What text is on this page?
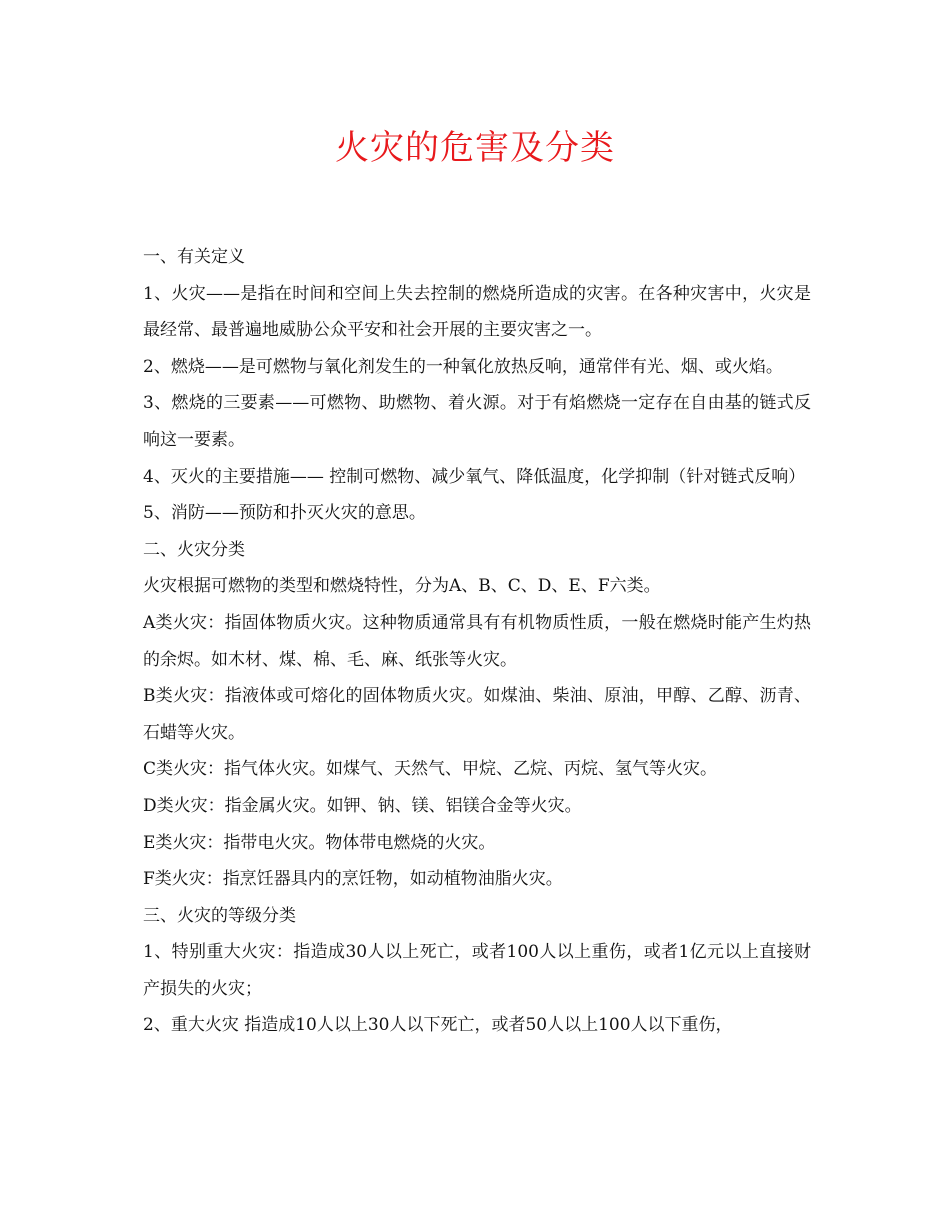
火灾的危害及分类

一、有关定义

1、火灾——是指在时间和空间上失去控制的燃烧所造成的灾害。在各种灾害中，火灾是最经常、最普遍地威胁公众平安和社会开展的主要灾害之一。

2、燃烧——是可燃物与氧化剂发生的一种氧化放热反响，通常伴有光、烟、或火焰。

3、燃烧的三要素——可燃物、助燃物、着火源。对于有焰燃烧一定存在自由基的链式反响这一要素。

4、灭火的主要措施—— 控制可燃物、减少氧气、降低温度，化学抑制（针对链式反响）

5、消防——预防和扑灭火灾的意思。

二、火灾分类

火灾根据可燃物的类型和燃烧特性，分为A、B、C、D、E、F六类。

A类火灾：指固体物质火灾。这种物质通常具有有机物质性质，一般在燃烧时能产生灼热的余烬。如木材、煤、棉、毛、麻、纸张等火灾。

B类火灾：指液体或可熔化的固体物质火灾。如煤油、柴油、原油，甲醇、乙醇、沥青、石蜡等火灾。

C类火灾：指气体火灾。如煤气、天然气、甲烷、乙烷、丙烷、氢气等火灾。

D类火灾：指金属火灾。如钾、钠、镁、铝镁合金等火灾。

E类火灾：指带电火灾。物体带电燃烧的火灾。

F类火灾：指烹饪器具内的烹饪物，如动植物油脂火灾。

三、火灾的等级分类

1、特别重大火灾：指造成30人以上死亡，或者100人以上重伤，或者1亿元以上直接财产损失的火灾；

2、重大火灾 指造成10人以上30人以下死亡，或者50人以上100人以下重伤，
